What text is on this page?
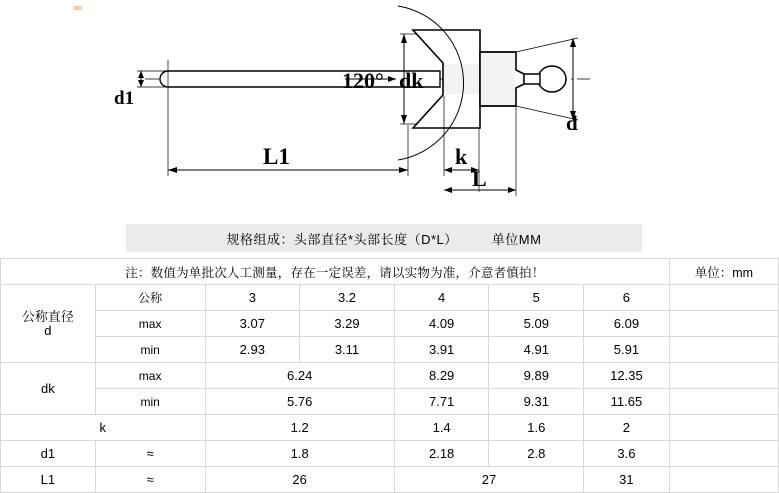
120° dk
d1
d
L1	k
L
规格组成：头部直径*头部长度（D*L）	单位MM
注：数值为单批次人工测量，存在一定误差，请以实物为准，介意者慎拍！							单位：mm

公称直径
d	公称	3	3.2	4	5	6	
	max	3.07	3.29	4.09	5.09	6.09	
	min	2.93	3.11	3.91	4.91	5.91	
dk	max	6.24		8.29	9.89	12.35	
	min	5.76		7.71	9.31	11.65	
k		1.2		1.4	1.6	2	
d1	≈	1.8		2.18	2.8	3.6	
L1	≈	26		27		31	
